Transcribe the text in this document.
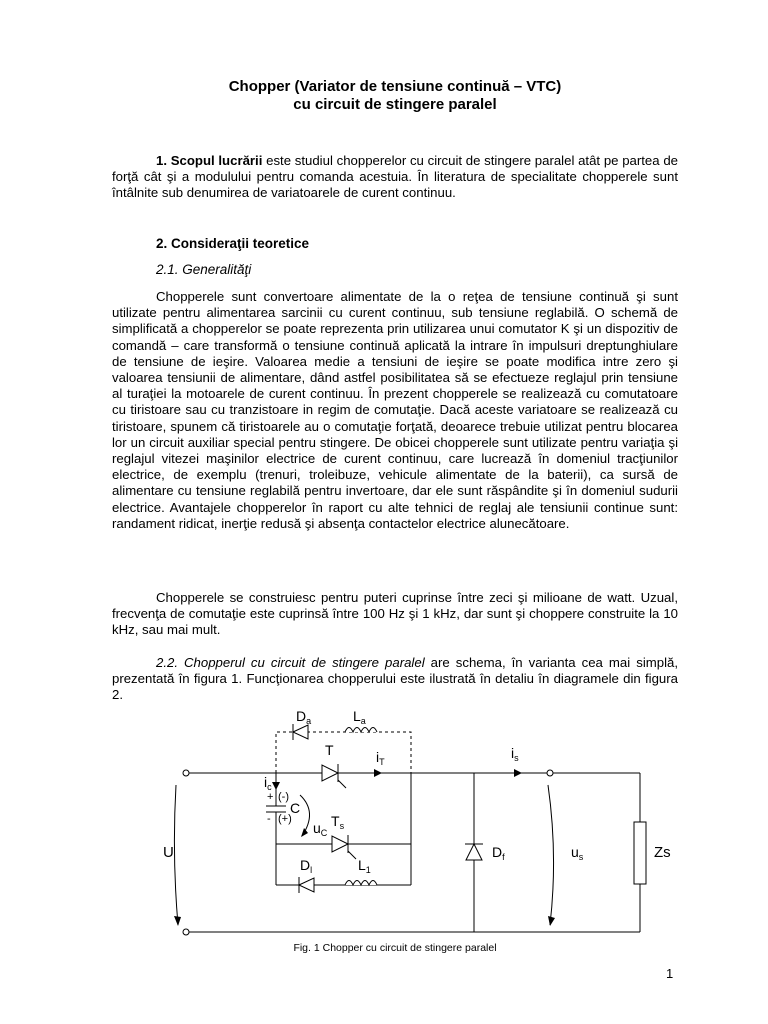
Chopper (Variator de tensiune continuă – VTC)
cu circuit de stingere paralel

1. Scopul lucrării este studiul chopperelor cu circuit de stingere paralel atât pe partea de forţă cât şi a modulului pentru comanda acestuia. În literatura de specialitate chopperele sunt întâlnite sub denumirea de variatoarele de curent continuu.

2. Consideraţii teoretice
2.1. Generalităţi

Chopperele sunt convertoare alimentate de la o reţea de tensiune continuă şi sunt utilizate pentru alimentarea sarcinii cu curent continuu, sub tensiune reglabilă. O schemă de simplificată a chopperelor se poate reprezenta prin utilizarea unui comutator K şi un dispozitiv de comandă – care transformă o tensiune continuă aplicată la intrare în impulsuri dreptunghiulare de tensiune de ieşire. Valoarea medie a tensiuni de ieşire se poate modifica intre zero şi valoarea tensiunii de alimentare, dând astfel posibilitatea să se efectueze reglajul prin tensiune al turaţiei la motoarele de curent continuu. În prezent chopperele se realizează cu comutatoare cu tiristoare sau cu tranzistoare in regim de comutaţie. Dacă aceste variatoare se realizează cu tiristoare, spunem că tiristoarele au o comutaţie forţată, deoarece trebuie utilizat pentru blocarea lor un circuit auxiliar special pentru stingere. De obicei chopperele sunt utilizate pentru variaţia şi reglajul vitezei maşinilor electrice de curent continuu, care lucrează în domeniul tracţiunilor electrice, de exemplu (trenuri, troleibuze, vehicule alimentate de la baterii), ca sursă de alimentare cu tensiune reglabilă pentru invertoare, dar ele sunt răspândite şi în domeniul sudurii electrice. Avantajele chopperelor în raport cu alte tehnici de reglaj ale tensiunii continue sunt: randament ridicat, inerţie redusă şi absenţa contactelor electrice alunecătoare.

Chopperele se construiesc pentru puteri cuprinse între zeci şi milioane de watt. Uzual, frecvenţa de comutaţie este cuprinsă între 100 Hz şi 1 kHz, dar sunt şi choppere construite la 10 kHz, sau mai mult.

2.2. Chopperul cu circuit de stingere paralel are schema, în varianta cea mai simplă, prezentată în figura 1. Funcţionarea chopperului este ilustrată în detaliu în diagramele din figura 2.

$D_a$	$L_a$
T	$i_T$
$i_s$
$i_c$
+ (-)
C
- (+)
$u_C$
$T_s$
U	$D_f$	$u_s$	Zs
$D_l$	$L_1$
Fig. 1 Chopper cu circuit de stingere paralel
1
